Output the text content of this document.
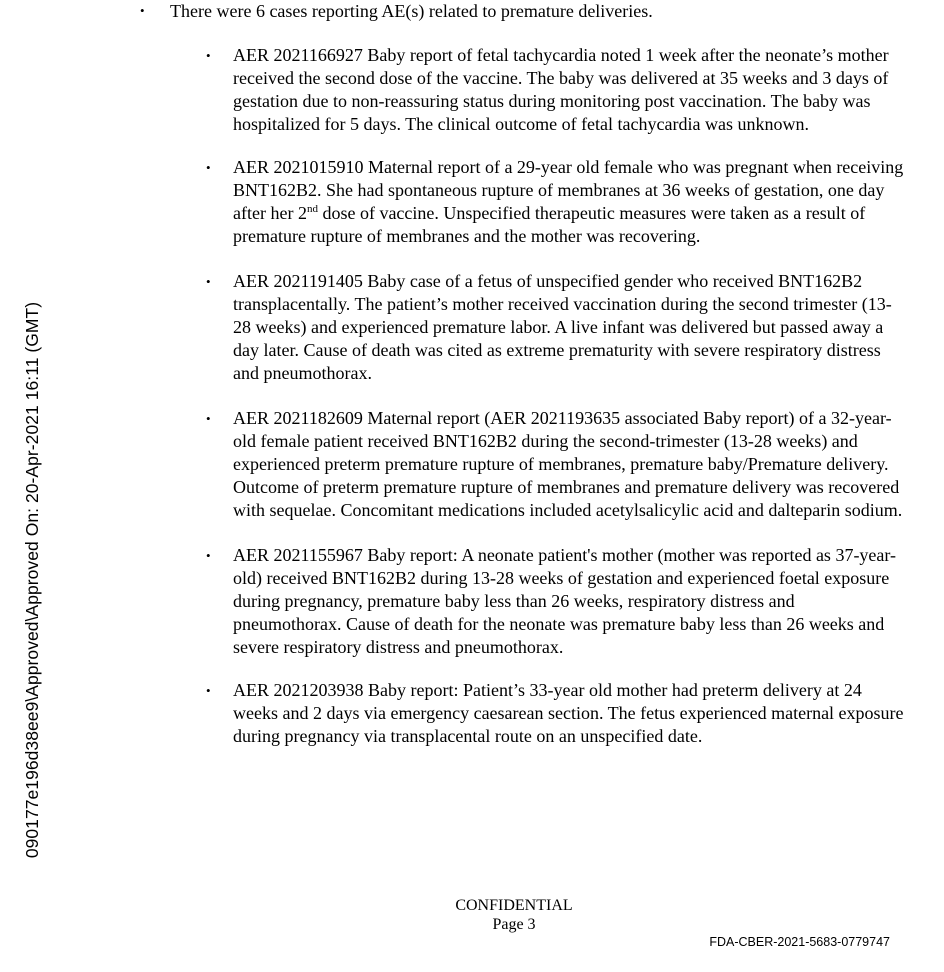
090177e196d38ee9\Approved\Approved On: 20-Apr-2021 16:11 (GMT)
•	There were 6 cases reporting AE(s) related to premature deliveries.
•	AER 2021166927 Baby report of fetal tachycardia noted 1 week after the neonate’s mother received the second dose of the vaccine. The baby was delivered at 35 weeks and 3 days of gestation due to non-reassuring status during monitoring post vaccination. The baby was hospitalized for 5 days. The clinical outcome of fetal tachycardia was unknown.
•	AER 2021015910 Maternal report of a 29-year old female who was pregnant when receiving BNT162B2. She had spontaneous rupture of membranes at 36 weeks of gestation, one day after her 2nd dose of vaccine. Unspecified therapeutic measures were taken as a result of premature rupture of membranes and the mother was recovering.
•	AER 2021191405 Baby case of a fetus of unspecified gender who received BNT162B2 transplacentally. The patient’s mother received vaccination during the second trimester (13-28 weeks) and experienced premature labor. A live infant was delivered but passed away a day later. Cause of death was cited as extreme prematurity with severe respiratory distress and pneumothorax.
•	AER 2021182609 Maternal report (AER 2021193635 associated Baby report) of a 32-year-old female patient received BNT162B2 during the second-trimester (13-28 weeks) and experienced preterm premature rupture of membranes, premature baby/Premature delivery. Outcome of preterm premature rupture of membranes and premature delivery was recovered with sequelae. Concomitant medications included acetylsalicylic acid and dalteparin sodium.
•	AER 2021155967 Baby report: A neonate patient's mother (mother was reported as 37-year-old) received BNT162B2 during 13-28 weeks of gestation and experienced foetal exposure during pregnancy, premature baby less than 26 weeks, respiratory distress and pneumothorax. Cause of death for the neonate was premature baby less than 26 weeks and severe respiratory distress and pneumothorax.
•	AER 2021203938 Baby report: Patient’s 33-year old mother had preterm delivery at 24 weeks and 2 days via emergency caesarean section. The fetus experienced maternal exposure during pregnancy via transplacental route on an unspecified date.
CONFIDENTIAL
Page 3
FDA-CBER-2021-5683-0779747
